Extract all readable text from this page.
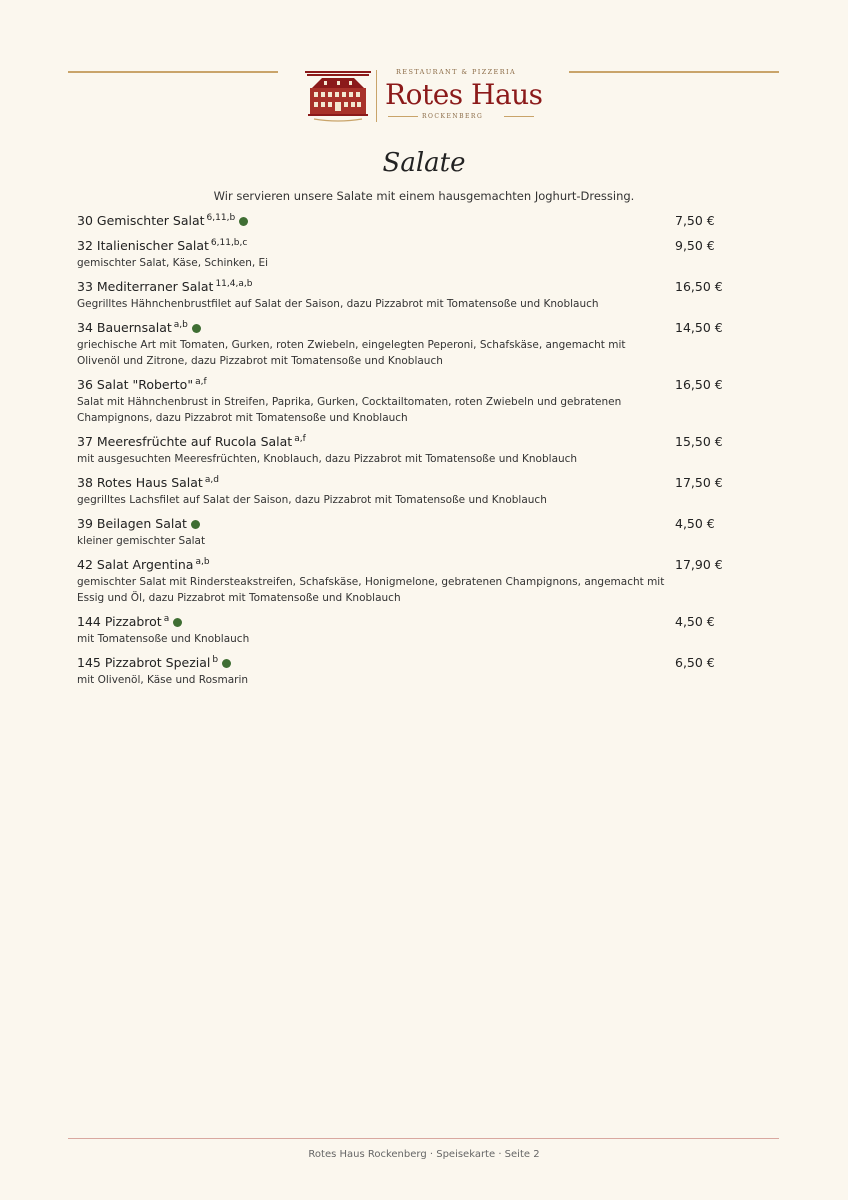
RESTAURANT & PIZZERIA
Rotes Haus
ROCKENBERG
Salate
Wir servieren unsere Salate mit einem hausgemachten Joghurt-Dressing.
30 Gemischter Salat $^{6,11,b}$	7,50 €
32 Italienischer Salat $^{6,11,b,c}$
gemischter Salat, Käse, Schinken, Ei
9,50 €
33 Mediterraner Salat $^{11,4,a,b}$
Gegrilltes Hähnchenbrustfilet auf Salat der Saison, dazu Pizzabrot mit Tomatensoße und Knoblauch
16,50 €
34 Bauernsalat $^{a,b}$
griechische Art mit Tomaten, Gurken, roten Zwiebeln, eingelegten Peperoni, Schafskäse, angemacht mit Olivenöl und Zitrone, dazu Pizzabrot mit Tomatensoße und Knoblauch
14,50 €
36 Salat "Roberto" $^{a,f}$
Salat mit Hähnchenbrust in Streifen, Paprika, Gurken, Cocktailtomaten, roten Zwiebeln und gebratenen Champignons, dazu Pizzabrot mit Tomatensoße und Knoblauch
16,50 €
37 Meeresfrüchte auf Rucola Salat $^{a,f}$
mit ausgesuchten Meeresfrüchten, Knoblauch, dazu Pizzabrot mit Tomatensoße und Knoblauch
15,50 €
38 Rotes Haus Salat $^{a,d}$
gegrilltes Lachsfilet auf Salat der Saison, dazu Pizzabrot mit Tomatensoße und Knoblauch
17,50 €
39 Beilagen Salat
kleiner gemischter Salat
4,50 €
42 Salat Argentina $^{a,b}$
gemischter Salat mit Rindersteakstreifen, Schafskäse, Honigmelone, gebratenen Champignons, angemacht mit Essig und Öl, dazu Pizzabrot mit Tomatensoße und Knoblauch
17,90 €
144 Pizzabrot $^a$
mit Tomatensoße und Knoblauch
4,50 €
145 Pizzabrot Spezial $^b$
mit Olivenöl, Käse und Rosmarin
6,50 €
Rotes Haus Rockenberg · Speisekarte · Seite 2
